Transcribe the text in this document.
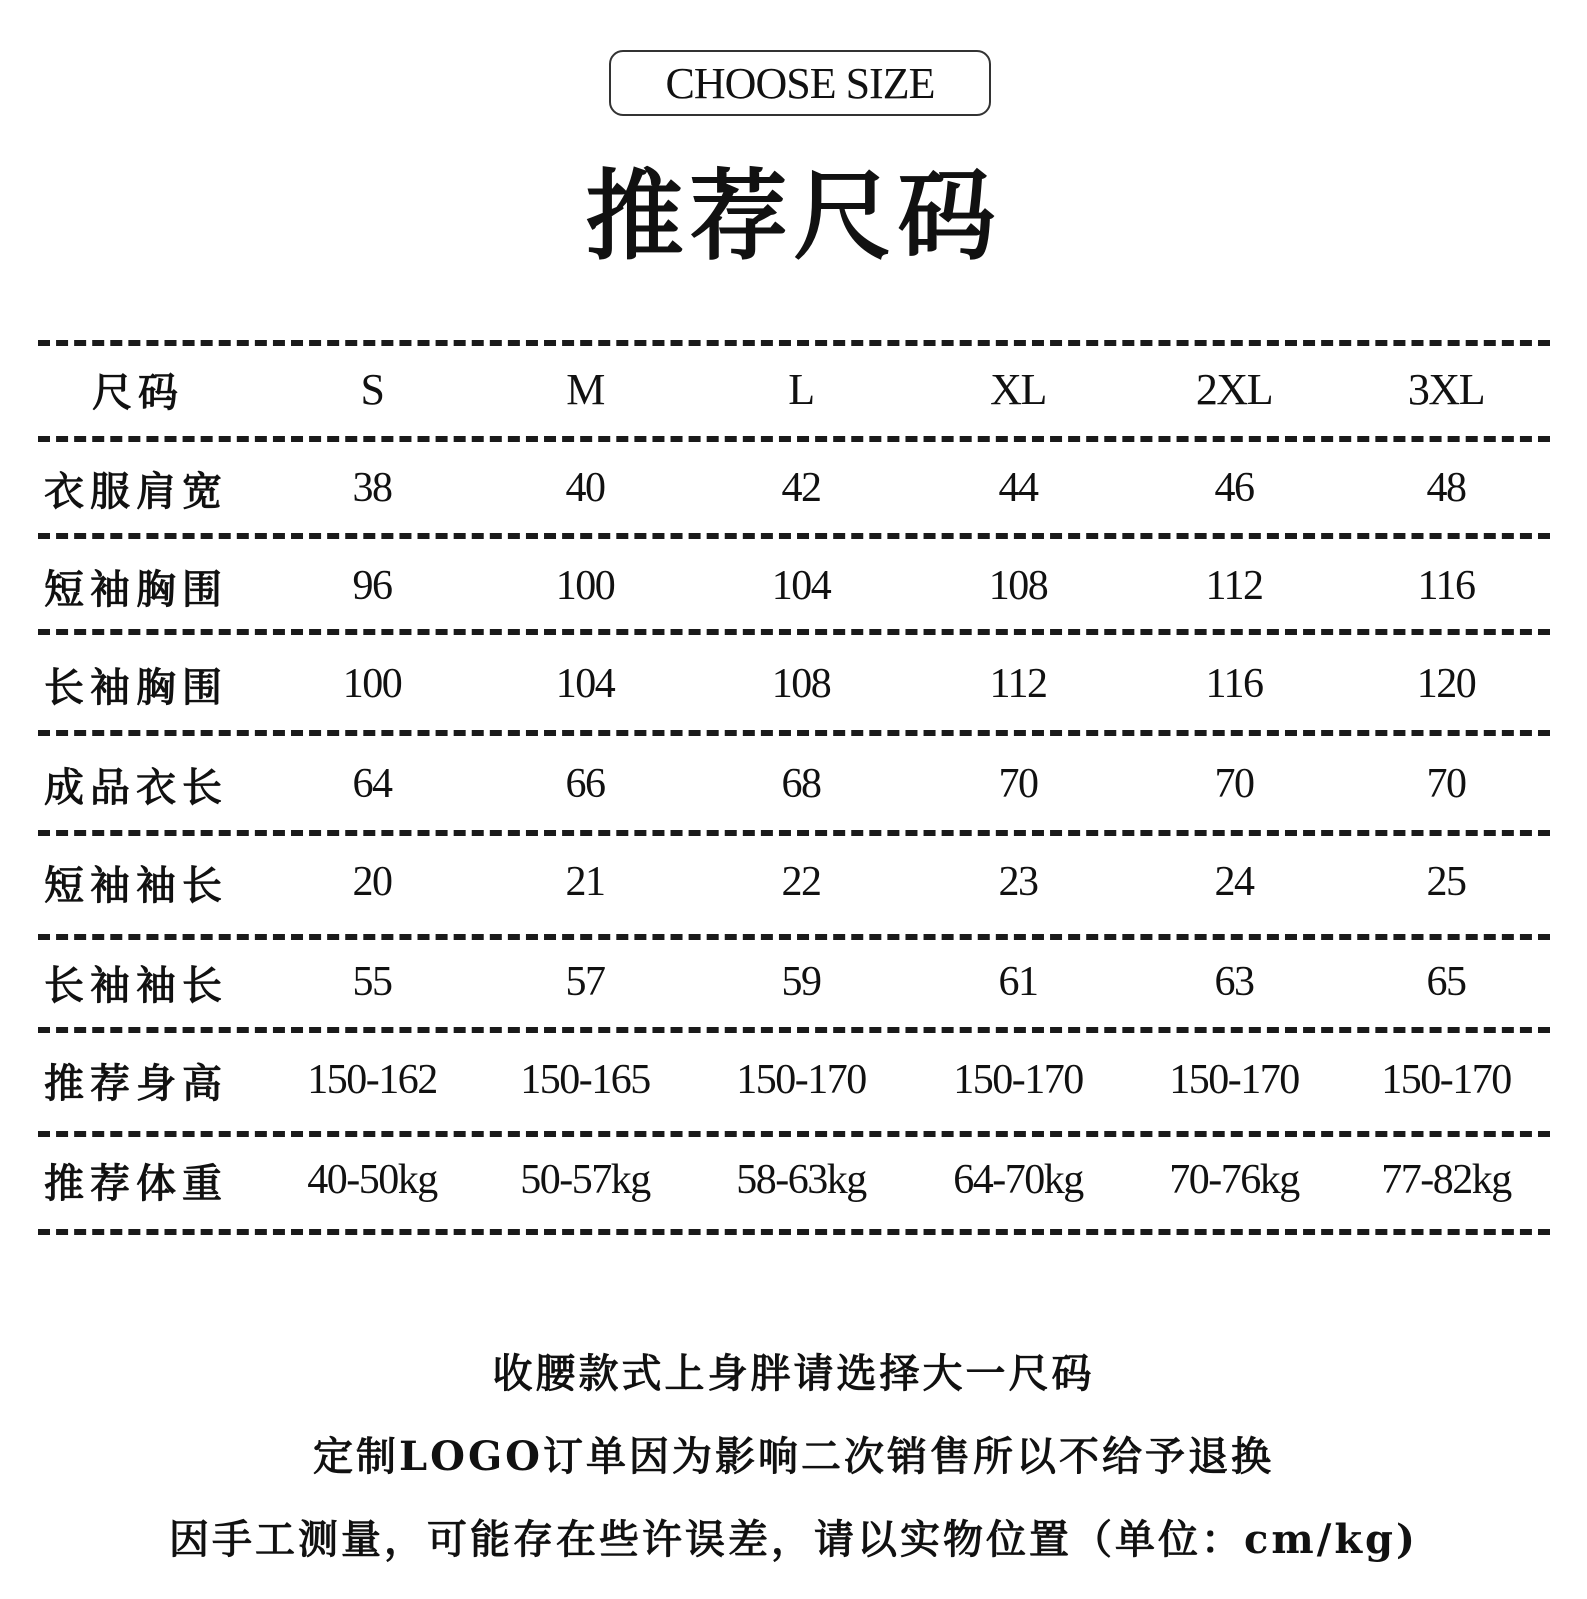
CHOOSE SIZE
推荐尺码
尺码	S	M	L	XL	2XL	3XL
衣服肩宽	38	40	42	44	46	48
短袖胸围	96	100	104	108	112	116
长袖胸围	100	104	108	112	116	120
成品衣长	64	66	68	70	70	70
短袖袖长	20	21	22	23	24	25
长袖袖长	55	57	59	61	63	65
推荐身高	150-162	150-165	150-170	150-170	150-170	150-170
推荐体重	40-50kg	50-57kg	58-63kg	64-70kg	70-76kg	77-82kg
收腰款式上身胖请选择大一尺码
定制LOGO订单因为影响二次销售所以不给予退换
因手工测量，可能存在些许误差，请以实物位置（单位：cm/kg)
